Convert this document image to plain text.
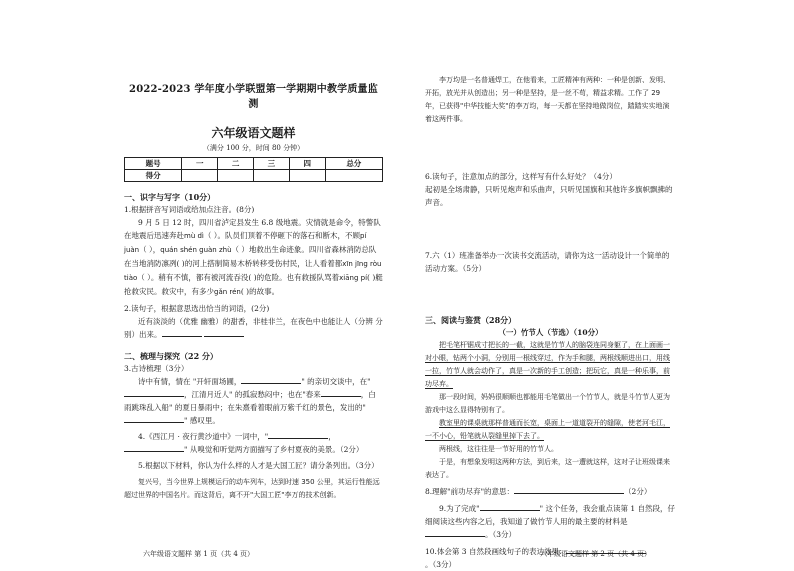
2022-2023 学年度小学联盟第一学期期中教学质量监测
六年级语文题样
（满分 100 分，时间 80 分钟）
题号	一	二	三	四	总分
得分					
一、识字与写字（10分）
1.根据拼音写词语或给加点注音。(8分)
9 月 5 日 12 时，四川省泸定县发生 6.8 级地震。灾情就是命令，特警队在地震后迅速奔赴mù dì（ ）。队员们顶着不停砸下的落石和断木，不顾pí juàn（ ），quán shén guàn zhù（ ）地救出生命迹象。四川省森林消防总队在当地消防凛冽( )的河上搭制简易木桥转移受伤村民，让人看着都xīn jīng ròu tiào（ ）。稍有不慎，都有被河流吞没( )的危险。也有救援队骂着xiāng pí( )艇抢救灾民。救灾中，有多少gǎn rén( )的故事。
2.读句子，根据意思选出恰当的词语，(2分)
近有淡淡的（优雅 幽雅）的甜香，非桂非兰，在夜色中也能让人（分辨 分别）出来。
二、梳理与探究（22 分）
3.古诗梳理（3分）
诗中有情，情在 "开轩面场圃，	" 的亲切交谈中，在"，江清月近人" 的孤寂愁闷中；也在"春来	，白雨跳珠乱入船" 的夏日暴雨中；在朱熹看着眼前万紫千红的景色，发出的"" 感叹里。
4.《西江月 · 夜行黄沙道中》一词中，"	，" 从嗅觉和听觉两方面描写了乡村夏夜的美景。（2分）
5.根据以下材料，你认为什么样的人才是大国工匠？请分条列出。（3分）
复兴号，当今世界上规模运行的动车列车，达到时速 350 公里，其运行性能远超过世界的中国名片。而这背后，离不开"大国工匠"李万的技术创新。
六年级语文题样 第 1 页（共 4 页）
李万均是一名普通焊工，在他看来，工匠精神有两种：一种是创新、发明、开拓，放光并从创造出；另一种是坚持，是一丝不苟，精益求精。工作了 29 年，已获得"中华技能大奖"的李万均，每一天都在坚持地做岗位，踏踏实实地演着这两件事。
6.读句子，注意加点的部分，这样写有什么好处？（4分）
起初是全场肃静，只听见炮声和乐曲声，只听见国旗和其他许多旗帜飘拂的声音。
7.六（1）班准备举办一次读书交流活动，请你为这一活动设计一个简单的活动方案。（5分）
三、阅读与鉴赏（28分）
（一）竹节人（节选）（10分）
把毛笔杆锯成寸把长的一截，这就是竹节人的脑袋连同身躯了，在上面画一对小眼，钻两个小洞，分别用一根线穿过，作为手和腿，两根线顺进出口，用线一拉，竹节人就会动作了，真是一次新的手工创造；把玩它，真是一种乐事，前功尽弃。
那一段时间，妈妈很顺顺也都能用毛笔做出一个竹节人，就是斗竹节人更为游戏中这么显得特别有了。
教室里的课桌就那样普通而长宽，桌面上一道道裂开的缝隙，使老河毛江，一不小心，铅笔就从裂缝里掉下去了。
两根线，这往往是一节好用的竹节人。
于是，有想象发明这两种方法，到后来，这一遭就这样，这对子让班级课来表达了。
8.理解"前功尽弃"的意思：	（2分）
9.为了完成"	" 这个任务，我会重点读第 1 自然段，仔细阅读这些内容之后，我知道了做竹节人用的最主要的材料是。（3分）
10.体会第 3 自然段画线句子的表达效果：。（3分）
六年级语文题样 第 2 页（共 4 页）
